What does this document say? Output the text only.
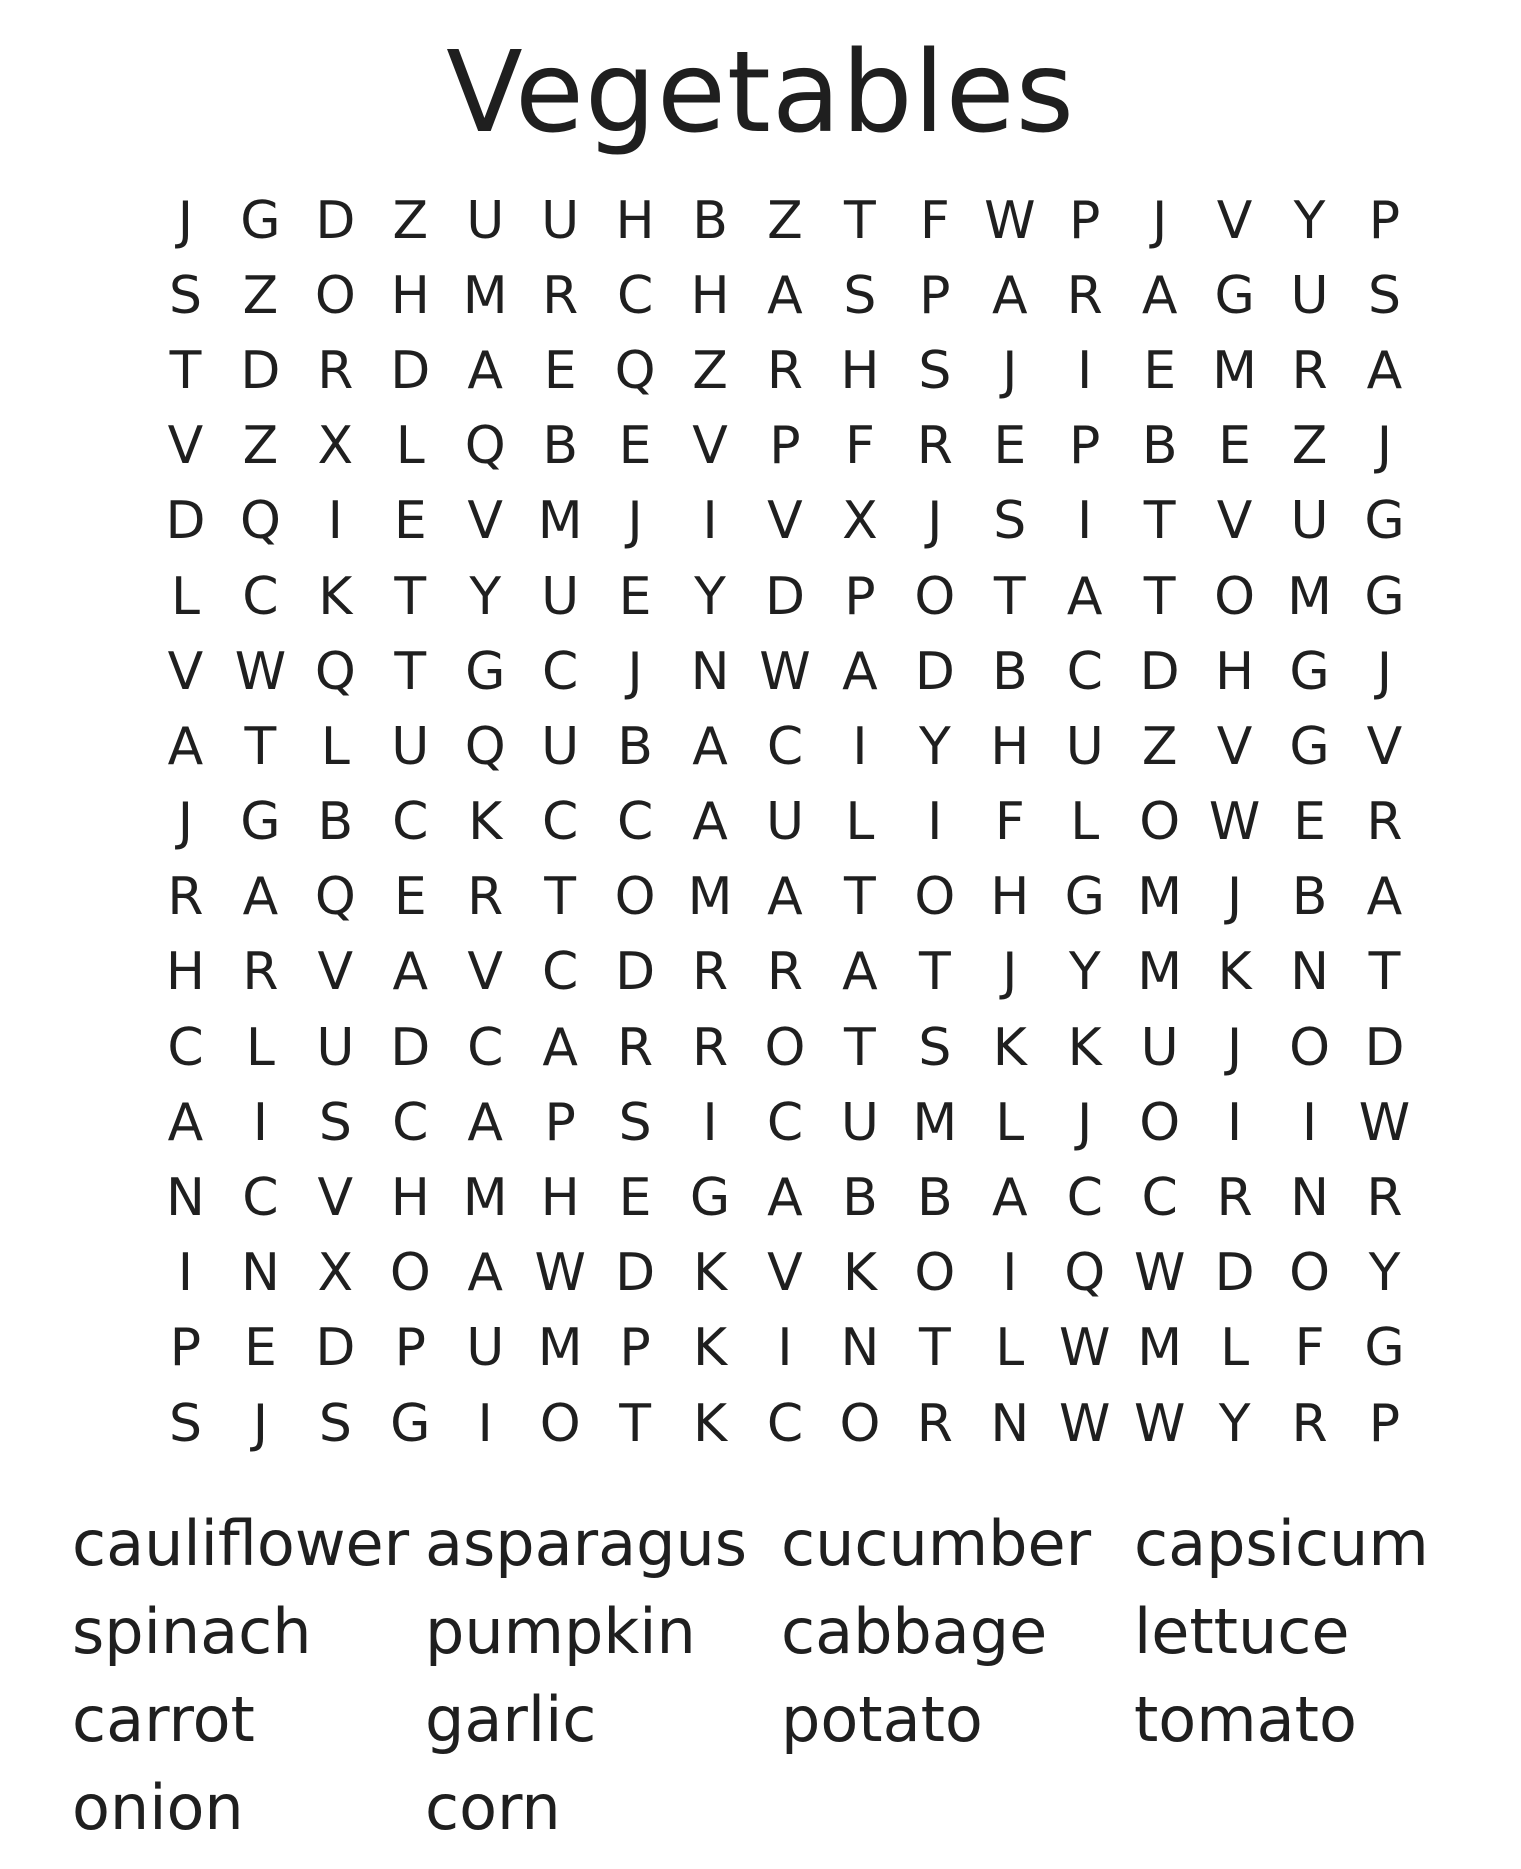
Vegetables
J G D Z U U H B Z T F W P J V Y P
S Z O H M R C H A S P A R A G U S
T D R D A E Q Z R H S J	I E M R A
V Z X L Q B E V P F R E P B E Z J
D Q I E V M J	I V X J S I T V U G
L C K T Y U E Y D P O T A T O M G
V W Q T G C J N W A D B C D H G J
A T L U Q U B A C I Y H U Z V G V
J G B C K C C A U L	I	F L O W E R
R A Q E R T O M A T O H G M J B A
H R V A V C D R R A T J Y M K N T
C L U D C A R R O T S K K U J O D
A I S C A P S I C U M L	J O I	I W
N C V H M H E G A B B A C C R N R
I N X O A W D K V K O I Q W D O Y
P E D P U M P K I N T L W M L F G
S J S G I O T K C O R N W W Y R P
cauliflower asparagus cucumber capsicum
spinach	pumpkin	cabbage	lettuce
carrot	garlic	potato	tomato
onion	corn
